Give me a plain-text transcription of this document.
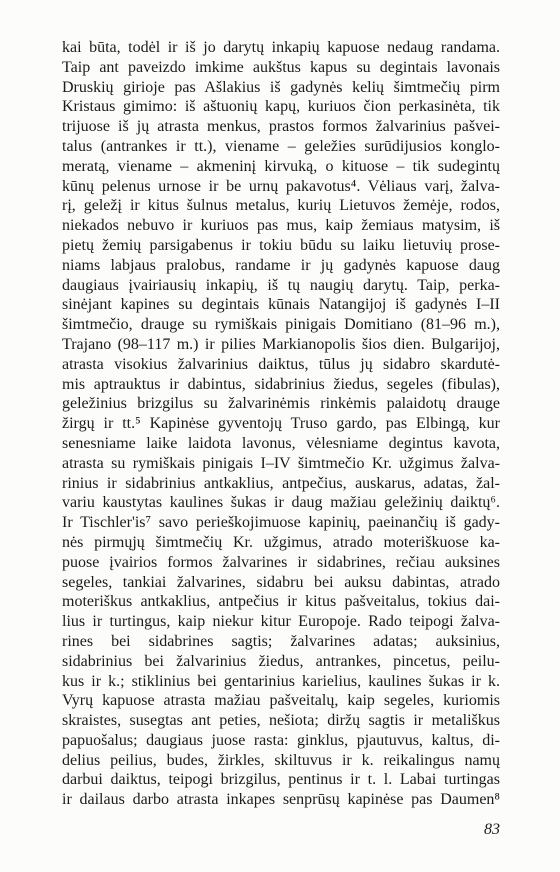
kai būta, todėl ir iš jo darytų inkapių kapuose nedaug randama.
Taip ant paveizdo imkime aukštus kapus su degintais lavonais
Druskių girioje pas Ašlakius iš gadynės kelių šimtmečių pirm
Kristaus gimimo: iš aštuonių kapų, kuriuos čion perkasinėta, tik
trijuose iš jų atrasta menkus, prastos formos žalvarinius pašvei-
talus (antrankes ir tt.), viename – geležies surūdijusios konglo-
meratą, viename – akmeninį kirvuką, o kituose – tik sudegintų
kūnų pelenus urnose ir be urnų pakavotus⁴. Vėliaus varį, žalva-
rį, geležį ir kitus šulnus metalus, kurių Lietuvos žemėje, rodos,
niekados nebuvo ir kuriuos pas mus, kaip žemiaus matysim, iš
pietų žemių parsigabenus ir tokiu būdu su laiku lietuvių prose-
niams labjaus pralobus, randame ir jų gadynės kapuose daug
daugiaus įvairiausių inkapių, iš tų naugių darytų. Taip, perka-
sinėjant kapines su degintais kūnais Natangijoj iš gadynės I–II
šimtmečio, drauge su rymiškais pinigais Domitiano (81–96 m.),
Trajano (98–117 m.) ir pilies Markianopolis šios dien. Bulgarijoj,
atrasta visokius žalvarinius daiktus, tūlus jų sidabro skardutė-
mis aptrauktus ir dabintus, sidabrinius žiedus, segeles (fibulas),
geležinius brizgilus su žalvarinėmis rinkėmis palaidotų drauge
žirgų ir tt.⁵ Kapinėse gyventojų Truso gardo, pas Elbingą, kur
senesniame laike laidota lavonus, vėlesniame degintus kavota,
atrasta su rymiškais pinigais I–IV šimtmečio Kr. užgimus žalva-
rinius ir sidabrinius antkaklius, antpečius, auskarus, adatas, žal-
variu kaustytas kaulines šukas ir daug mažiau geležinių daiktų⁶.
Ir Tischler'is⁷ savo perieškojimuose kapinių, paeinančių iš gady-
nės pirmųjų šimtmečių Kr. užgimus, atrado moteriškuose ka-
puose įvairios formos žalvarines ir sidabrines, rečiau auksines
segeles, tankiai žalvarines, sidabru bei auksu dabintas, atrado
moteriškus antkaklius, antpečius ir kitus pašveitalus, tokius dai-
lius ir turtingus, kaip niekur kitur Europoje. Rado teipogi žalva-
rines bei sidabrines sagtis; žalvarines adatas; auksinius,
sidabrinius bei žalvarinius žiedus, antrankes, pincetus, peilu-
kus ir k.; stiklinius bei gentarinius karielius, kaulines šukas ir k.
Vyrų kapuose atrasta mažiau pašveitalų, kaip segeles, kuriomis
skraistes, susegtas ant peties, nešiota; diržų sagtis ir metališkus
papuošalus; daugiaus juose rasta: ginklus, pjautuvus, kaltus, di-
delius peilius, budes, žirkles, skiltuvus ir k. reikalingus namų
darbui daiktus, teipogi brizgilus, pentinus ir t. l. Labai turtingas
ir dailaus darbo atrasta inkapes senprūsų kapinėse pas Daumen⁸
83
